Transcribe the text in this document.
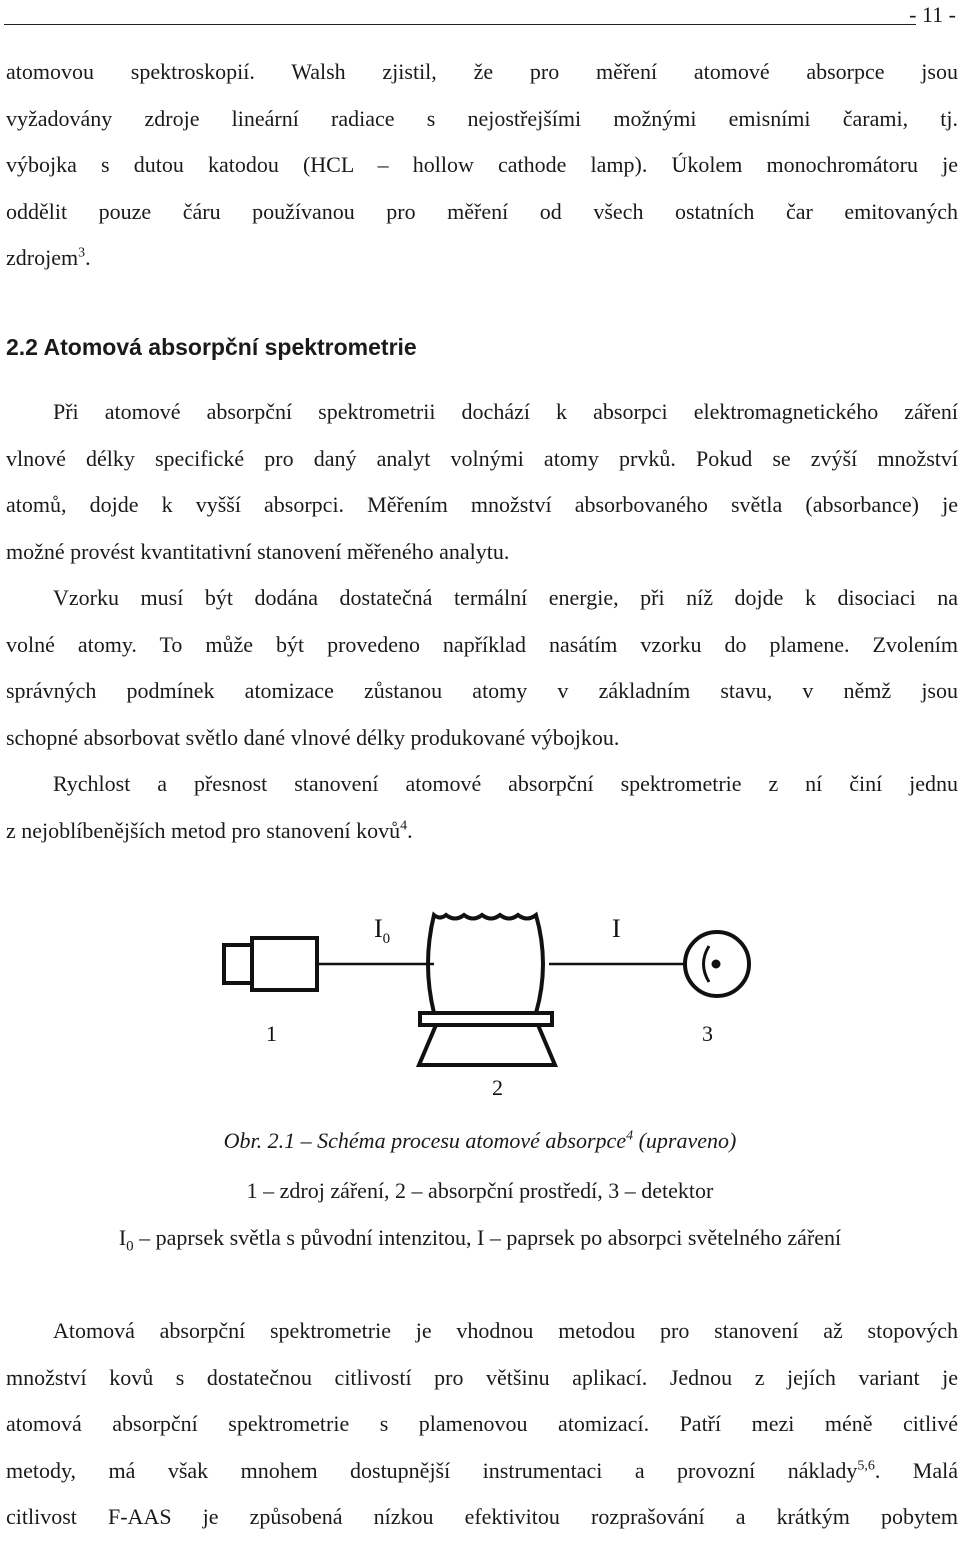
- 11 -

atomovou spektroskopií. Walsh zjistil, že pro měření atomové absorpce jsou

vyžadovány zdroje lineární radiace s nejostřejšími možnými emisními čarami, tj.

výbojka s dutou katodou (HCL – hollow cathode lamp). Úkolem monochromátoru je

oddělit pouze čáru používanou pro měření od všech ostatních čar emitovaných

zdrojem$^3$.

2.2 Atomová absorpční spektrometrie

Při atomové absorpční spektrometrii dochází k absorpci elektromagnetického záření

vlnové délky specifické pro daný analyt volnými atomy prvků. Pokud se zvýší množství

atomů, dojde k vyšší absorpci. Měřením množství absorbovaného světla (absorbance) je

možné provést kvantitativní stanovení měřeného analytu.

Vzorku musí být dodána dostatečná termální energie, při níž dojde k disociaci na

volné atomy. To může být provedeno například nasátím vzorku do plamene. Zvolením

správných podmínek atomizace zůstanou atomy v základním stavu, v němž jsou

schopné absorbovat světlo dané vlnové délky produkované výbojkou.

Rychlost a přesnost stanovení atomové absorpční spektrometrie z ní činí jednu

z nejoblíbenějších metod pro stanovení kovů$^4$.

$I_0$	I
1
2
3

Obr. 2.1 – Schéma procesu atomové absorpce$^4$ (upraveno)

1 – zdroj záření, 2 – absorpční prostředí, 3 – detektor

$I_0$ – paprsek světla s původní intenzitou, I – paprsek po absorpci světelného záření

Atomová absorpční spektrometrie je vhodnou metodou pro stanovení až stopových

množství kovů s dostatečnou citlivostí pro většinu aplikací. Jednou z jejích variant je

atomová absorpční spektrometrie s plamenovou atomizací. Patří mezi méně citlivé

metody, má však mnohem dostupnější instrumentaci a provozní náklady$^{5,6}$. Malá

citlivost F-AAS je způsobená nízkou efektivitou rozprašování a krátkým pobytem
